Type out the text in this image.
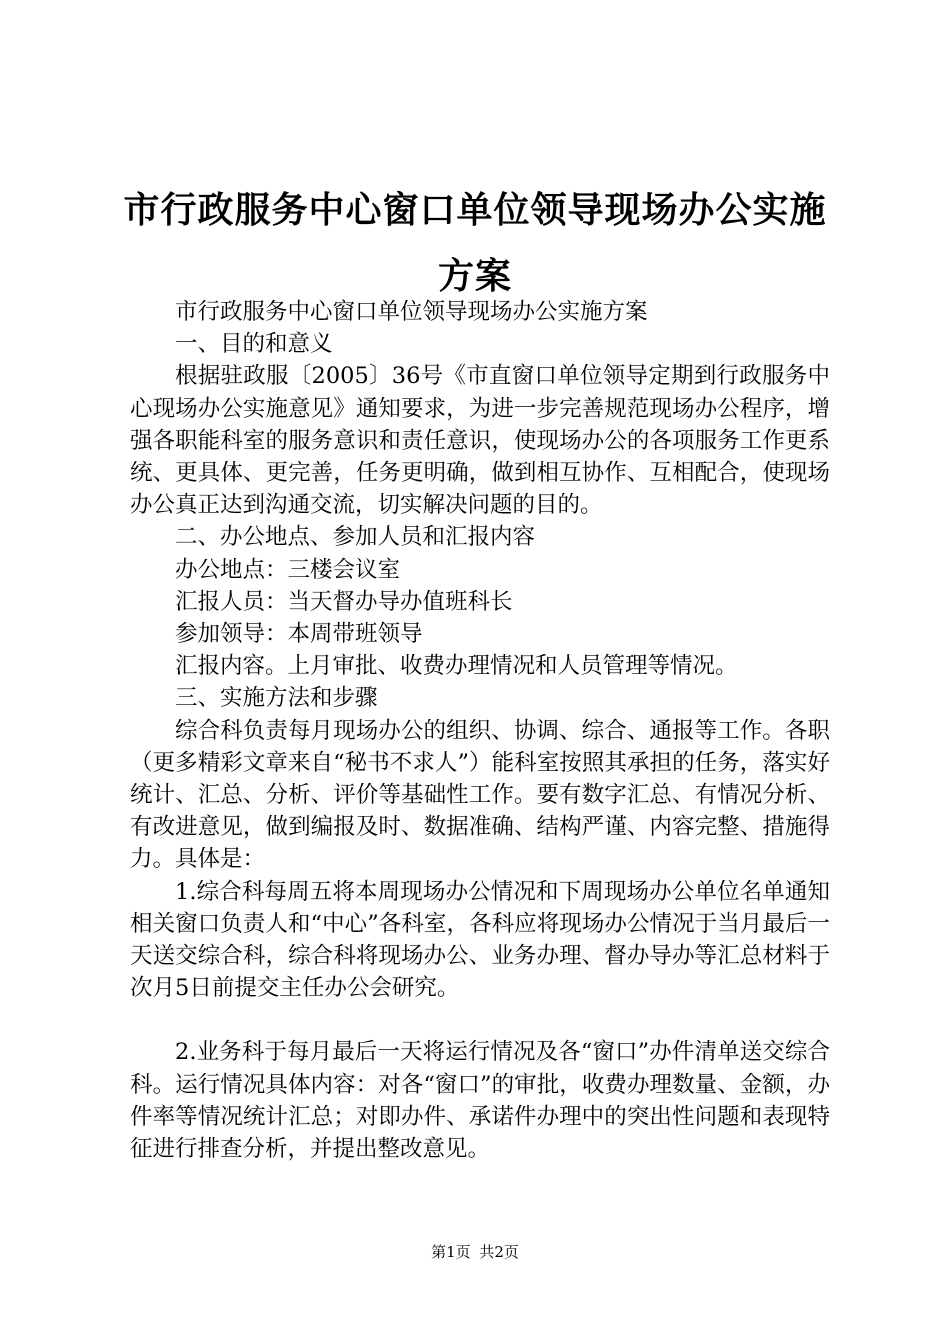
市行政服务中心窗口单位领导现场办公实施方案

市行政服务中心窗口单位领导现场办公实施方案

一、目的和意义

根据驻政服〔2005〕36号《市直窗口单位领导定期到行政服务中心现场办公实施意见》通知要求，为进一步完善规范现场办公程序，增强各职能科室的服务意识和责任意识，使现场办公的各项服务工作更系统、更具体、更完善，任务更明确，做到相互协作、互相配合，使现场办公真正达到沟通交流，切实解决问题的目的。

二、办公地点、参加人员和汇报内容

办公地点：三楼会议室

汇报人员：当天督办导办值班科长

参加领导：本周带班领导

汇报内容。上月审批、收费办理情况和人员管理等情况。

三、实施方法和步骤

综合科负责每月现场办公的组织、协调、综合、通报等工作。各职（更多精彩文章来自“秘书不求人”）能科室按照其承担的任务，落实好统计、汇总、分析、评价等基础性工作。要有数字汇总、有情况分析、有改进意见，做到编报及时、数据准确、结构严谨、内容完整、措施得力。具体是：

1.综合科每周五将本周现场办公情况和下周现场办公单位名单通知相关窗口负责人和“中心”各科室，各科应将现场办公情况于当月最后一天送交综合科，综合科将现场办公、业务办理、督办导办等汇总材料于次月5日前提交主任办公会研究。

2.业务科于每月最后一天将运行情况及各“窗口”办件清单送交综合科。运行情况具体内容：对各“窗口”的审批，收费办理数量、金额，办件率等情况统计汇总；对即办件、承诺件办理中的突出性问题和表现特征进行排查分析，并提出整改意见。

第1页 共2页
